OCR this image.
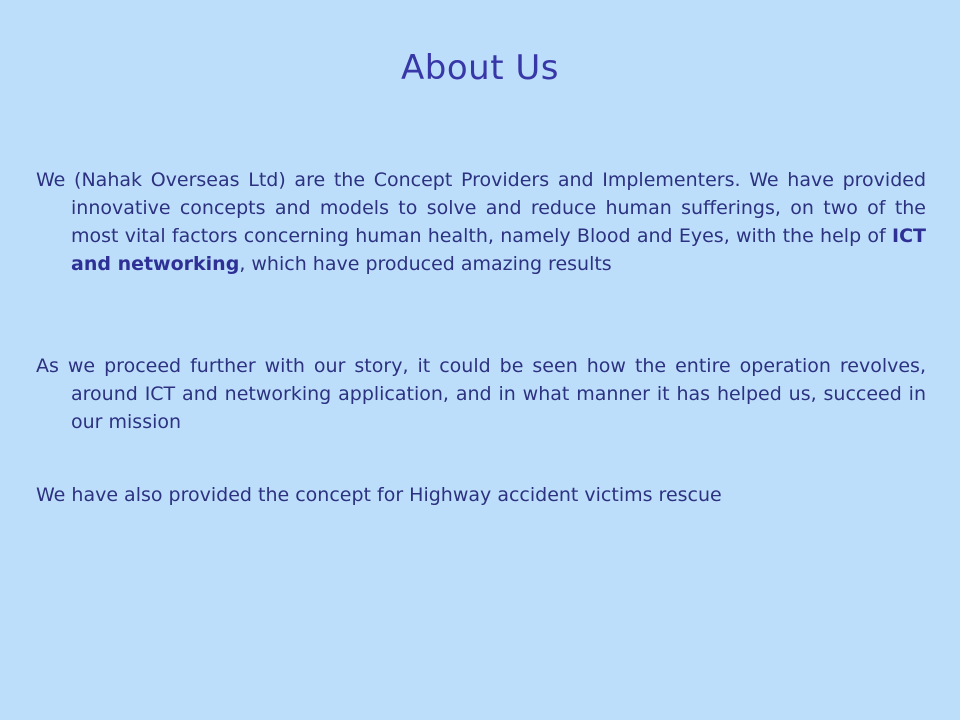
About Us

We (Nahak Overseas Ltd) are the Concept Providers and Implementers. We have provided innovative concepts and models to solve and reduce human sufferings, on two of the most vital factors concerning human health, namely Blood and Eyes, with the help of ICT and networking, which have produced amazing results

As we proceed further with our story, it could be seen how the entire operation revolves, around ICT and networking application, and in what manner it has helped us, succeed in our mission

We have also provided the concept for Highway accident victims rescue
